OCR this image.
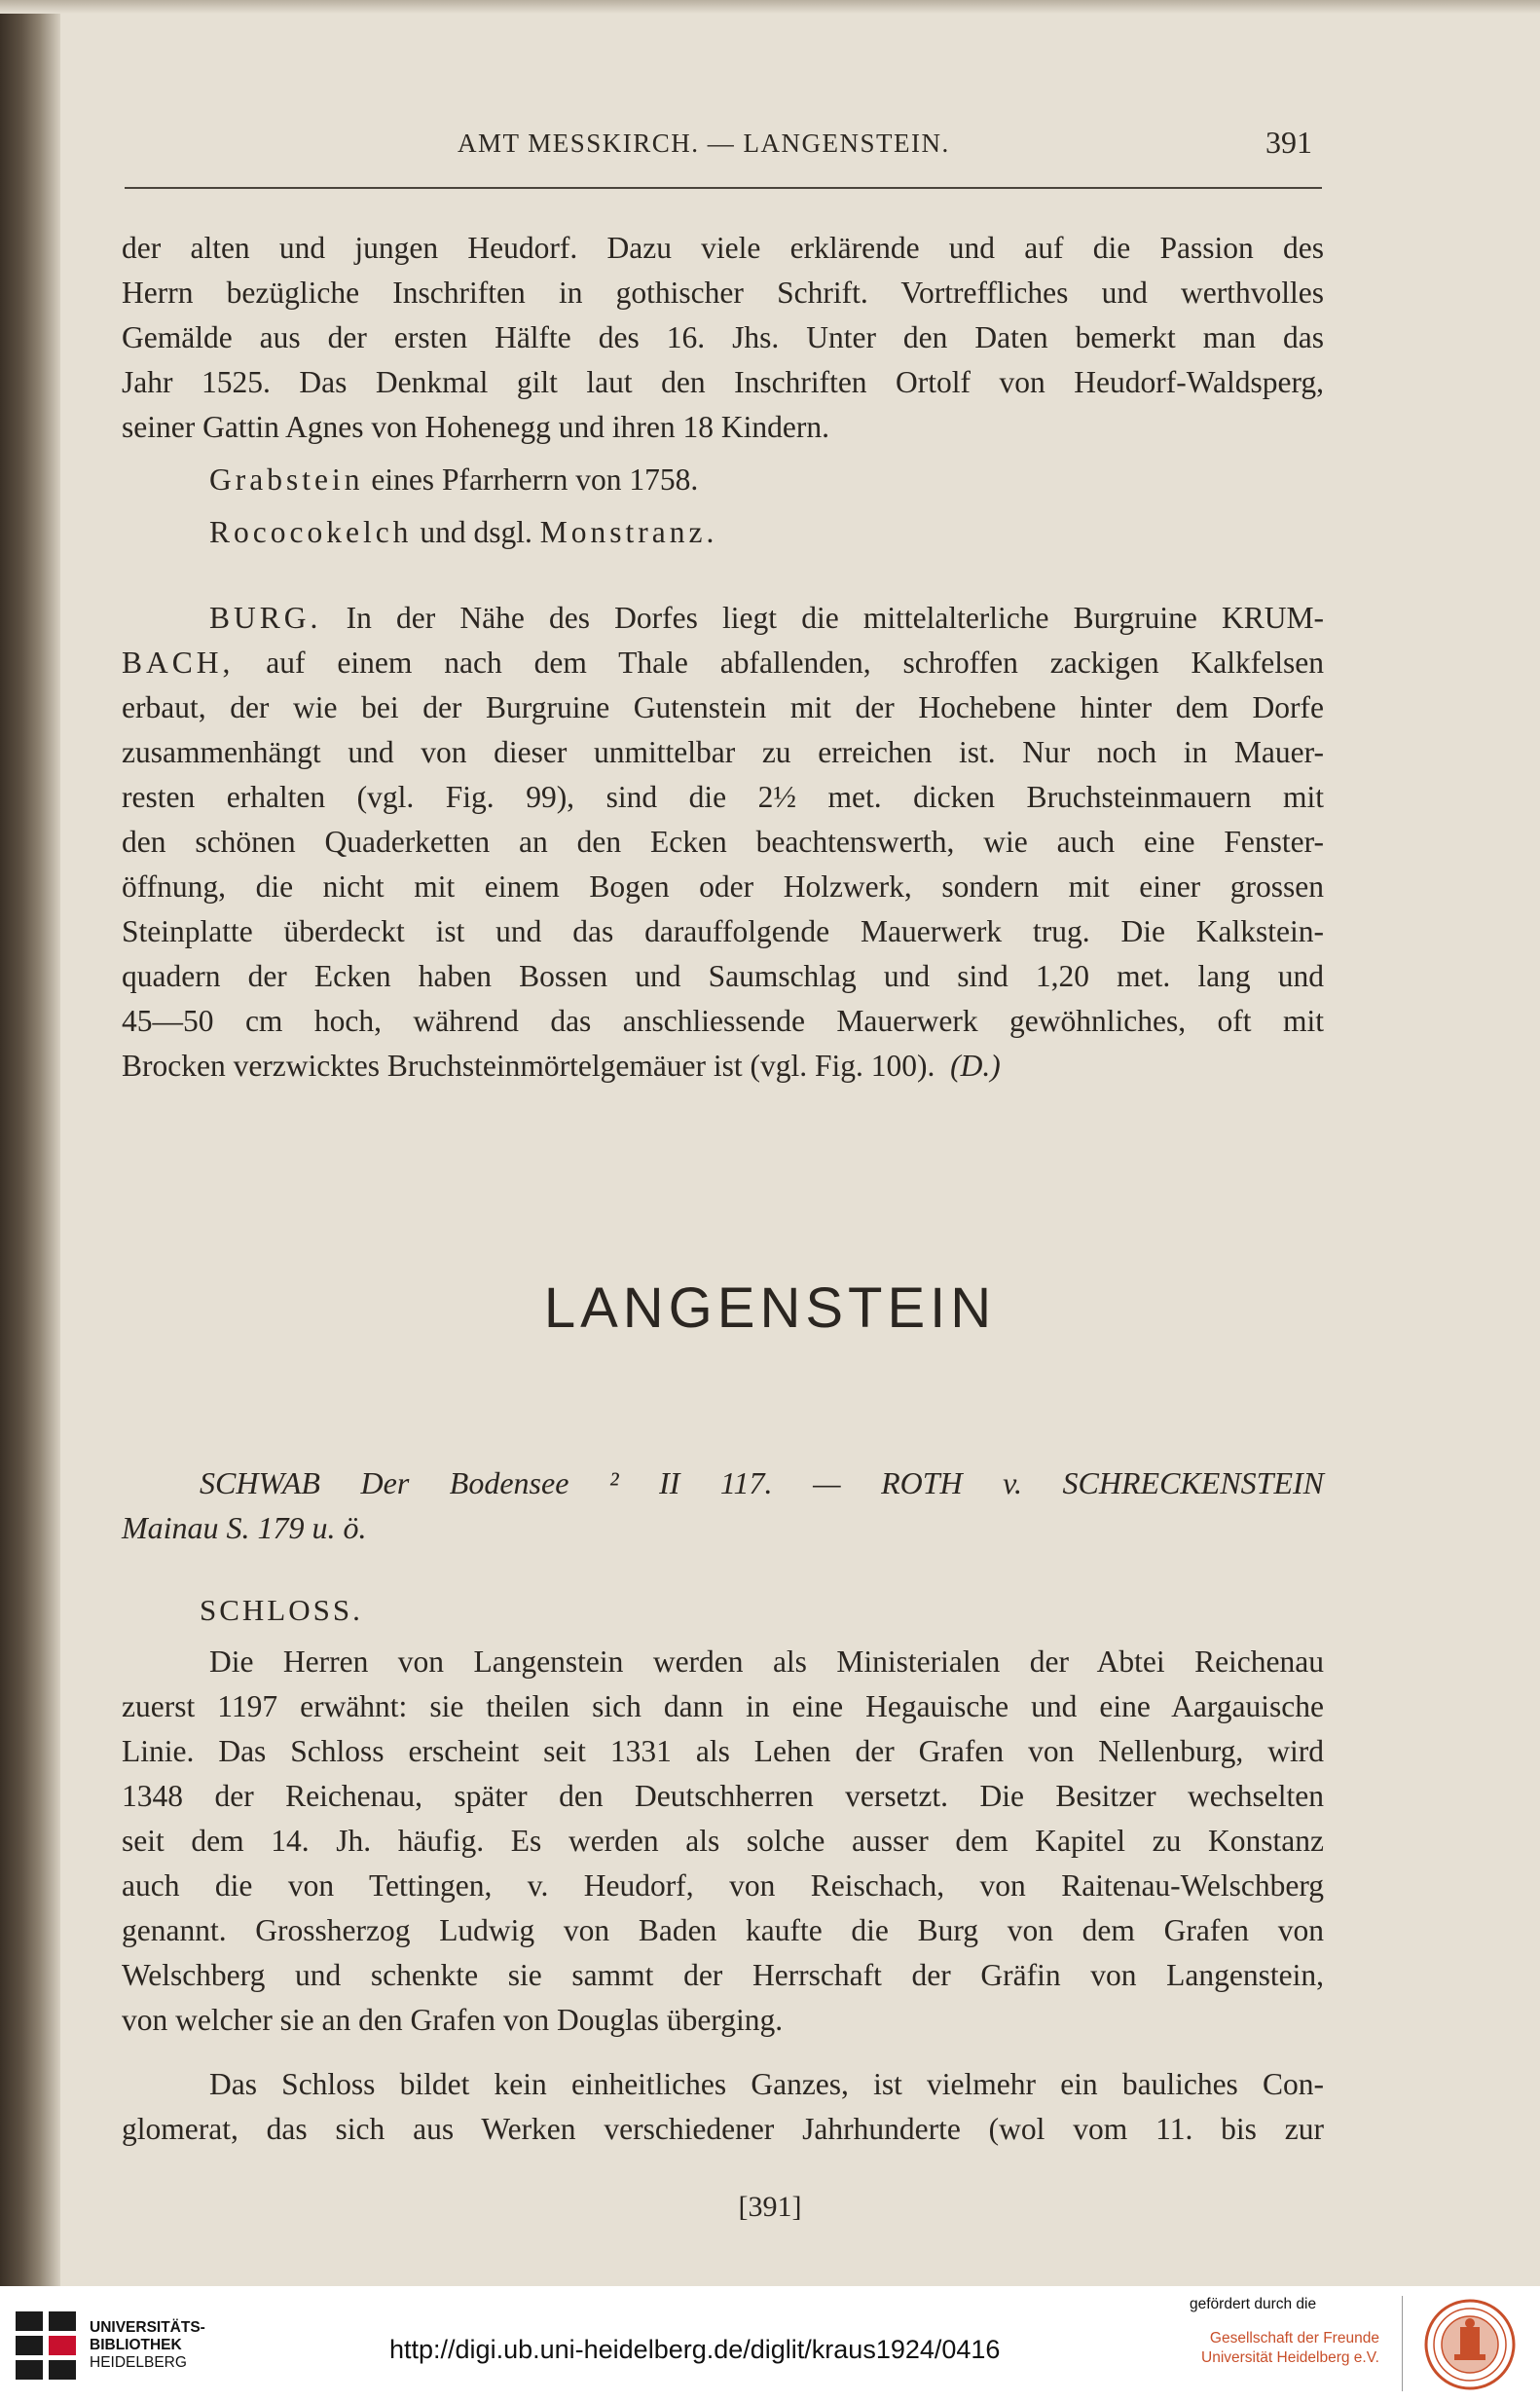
AMT MESSKIRCH. — LANGENSTEIN.	391

der alten und jungen Heudorf. Dazu viele erklärende und auf die Passion des
Herrn bezügliche Inschriften in gothischer Schrift. Vortreffliches und werthvolles
Gemälde aus der ersten Hälfte des 16. Jhs. Unter den Daten bemerkt man das
Jahr 1525. Das Denkmal gilt laut den Inschriften Ortolf von Heudorf-Waldsperg,
seiner Gattin Agnes von Hohenegg und ihren 18 Kindern.

Grabstein eines Pfarrherrn von 1758.

Rococokelch und dsgl. Monstranz.

BURG. In der Nähe des Dorfes liegt die mittelalterliche Burgruine KRUM-
BACH, auf einem nach dem Thale abfallenden, schroffen zackigen Kalkfelsen
erbaut, der wie bei der Burgruine Gutenstein mit der Hochebene hinter dem Dorfe
zusammenhängt und von dieser unmittelbar zu erreichen ist. Nur noch in Mauer-
resten erhalten (vgl. Fig. 99), sind die 2½ met. dicken Bruchsteinmauern mit
den schönen Quaderketten an den Ecken beachtenswerth, wie auch eine Fenster-
öffnung, die nicht mit einem Bogen oder Holzwerk, sondern mit einer grossen
Steinplatte überdeckt ist und das darauffolgende Mauerwerk trug. Die Kalkstein-
quadern der Ecken haben Bossen und Saumschlag und sind 1,20 met. lang und
45—50 cm hoch, während das anschliessende Mauerwerk gewöhnliches, oft mit
Brocken verzwicktes Bruchsteinmörtelgemäuer ist (vgl. Fig. 100). (D.)

LANGENSTEIN

SCHWAB Der Bodensee ² II 117. — ROTH v. SCHRECKENSTEIN
Mainau S. 179 u. ö.

SCHLOSS.

Die Herren von Langenstein werden als Ministerialen der Abtei Reichenau
zuerst 1197 erwähnt: sie theilen sich dann in eine Hegauische und eine Aargauische
Linie. Das Schloss erscheint seit 1331 als Lehen der Grafen von Nellenburg, wird
1348 der Reichenau, später den Deutschherren versetzt. Die Besitzer wechselten
seit dem 14. Jh. häufig. Es werden als solche ausser dem Kapitel zu Konstanz
auch die von Tettingen, v. Heudorf, von Reischach, von Raitenau-Welschberg
genannt. Grossherzog Ludwig von Baden kaufte die Burg von dem Grafen von
Welschberg und schenkte sie sammt der Herrschaft der Gräfin von Langenstein,
von welcher sie an den Grafen von Douglas überging.

Das Schloss bildet kein einheitliches Ganzes, ist vielmehr ein bauliches Con-
glomerat, das sich aus Werken verschiedener Jahrhunderte (wol vom 11. bis zur

[391]
UNIVERSITÄTS-
BIBLIOTHEK
HEIDELBERG	http://digi.ub.uni-heidelberg.de/diglit/kraus1924/0416
gefördert durch die
Gesellschaft der Freunde
Universität Heidelberg e.V.
